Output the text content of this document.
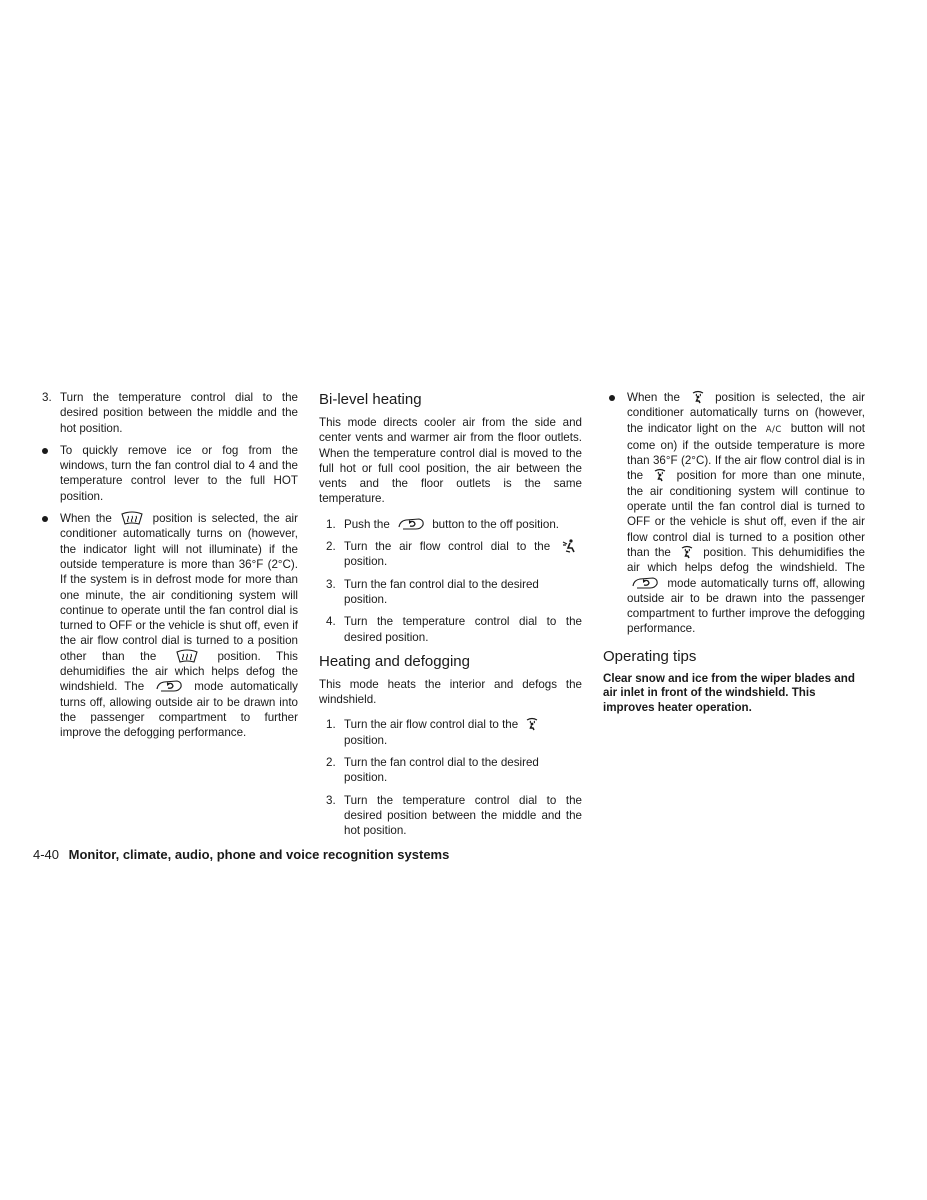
3. Turn the temperature control dial to the desired position between the middle and the hot position.
To quickly remove ice or fog from the windows, turn the fan control dial to 4 and the temperature control lever to the full HOT position.
When the	position is selected, the air conditioner automatically turns on (however, the indicator light will not illuminate) if the outside temperature is more than 36°F (2°C). If the system is in defrost mode for more than one minute, the air conditioning system will continue to operate until the fan control dial is turned to OFF or the vehicle is shut off, even if the air flow control dial is turned to a position other than the	position. This dehumidifies the air which helps defog the windshield. The	mode automatically turns off, allowing outside air to be drawn into the passenger compartment to further improve the defogging performance.
Bi-level heating

This mode directs cooler air from the side and center vents and warmer air from the floor outlets. When the temperature control dial is moved to the full hot or full cool position, the air between the vents and the floor outlets is the same temperature.

1. Push the	button to the off position.
2. Turn the air flow control dial to the
position.
3. Turn the fan control dial to the desired position.
4. Turn the temperature control dial to the desired position.
Heating and defogging

This mode heats the interior and defogs the windshield.

1. Turn the air flow control dial to the

position.
2. Turn the fan control dial to the desired position.
3. Turn the temperature control dial to the desired position between the middle and the hot position.
When the	position is selected, the air conditioner automatically turns on (however, the indicator light on the A/C button will not come on) if the outside temperature is more than 36°F (2°C). If the air flow control dial is in the	position for more than one minute, the air conditioning system will continue to operate until the fan control dial is turned to OFF or the vehicle is shut off, even if the air flow control dial is turned to a position other than the	position. This dehumidifies the air which helps defog the windshield. The
mode automatically turns off, allowing outside air to be drawn into the passenger compartment to further improve the defogging performance.
Operating tips

Clear snow and ice from the wiper blades and air inlet in front of the windshield. This improves heater operation.

4-40 Monitor, climate, audio, phone and voice recognition systems
